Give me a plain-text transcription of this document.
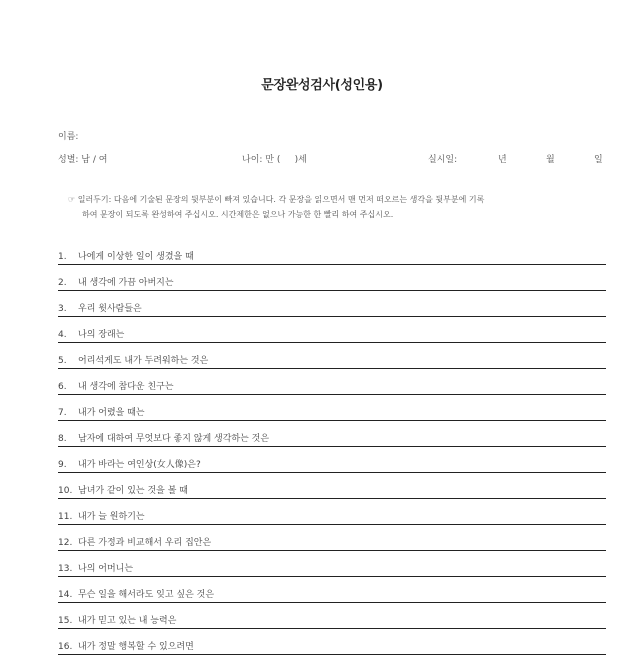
문장완성검사(성인용)
이름:
성별: 남 / 여	나이: 만 (     )세	실시일:	년	월	일
☞ 일러두기: 다음에 기술된 문장의 뒷부분이 빠져 있습니다. 각 문장을 읽으면서 맨 먼저 떠오르는 생각을 뒷부분에 기록
하여 문장이 되도록 완성하여 주십시오. 시간제한은 없으나 가능한 한 빨리 하여 주십시오.
1. 나에게 이상한 일이 생겼을 때
2. 내 생각에 가끔 아버지는
3. 우리 윗사람들은
4. 나의 장래는
5. 어리석게도 내가 두려워하는 것은
6. 내 생각에 참다운 친구는
7. 내가 어렸을 때는
8. 남자에 대하여 무엇보다 좋지 않게 생각하는 것은
9. 내가 바라는 여인상(女人像)은?
10. 남녀가 같이 있는 것을 볼 때
11. 내가 늘 원하기는
12. 다른 가정과 비교해서 우리 집안은
13. 나의 어머니는
14. 무슨 일을 해서라도 잊고 싶은 것은
15. 내가 믿고 있는 내 능력은
16. 내가 정말 행복할 수 있으려면
